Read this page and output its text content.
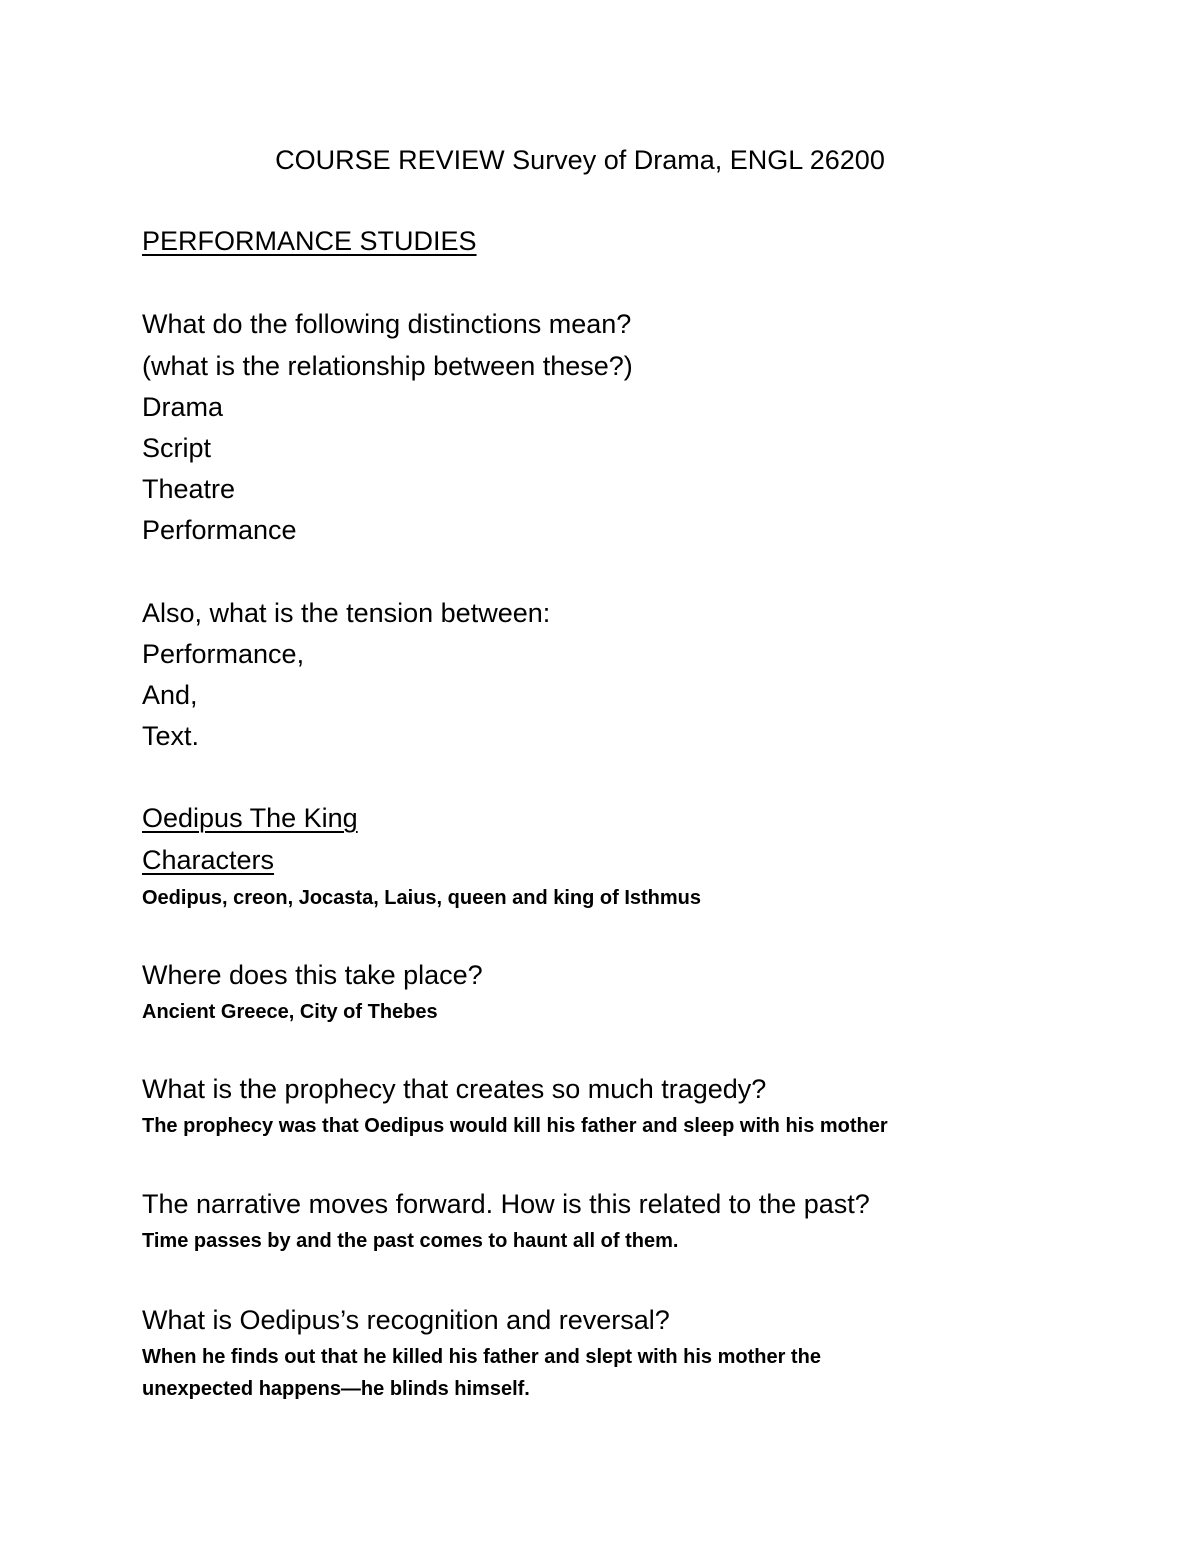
COURSE REVIEW Survey of Drama, ENGL 26200
PERFORMANCE STUDIES
What do the following distinctions mean?
(what is the relationship between these?)
Drama
Script
Theatre
Performance
Also, what is the tension between:
Performance,
And,
Text.
Oedipus The King
Characters
Oedipus, creon, Jocasta, Laius, queen and king of Isthmus
Where does this take place?
Ancient Greece, City of Thebes
What is the prophecy that creates so much tragedy?
The prophecy was that Oedipus would kill his father and sleep with his mother
The narrative moves forward. How is this related to the past?
Time passes by and the past comes to haunt all of them.
What is Oedipus’s recognition and reversal?
When he finds out that he killed his father and slept with his mother the
unexpected happens—he blinds himself.
